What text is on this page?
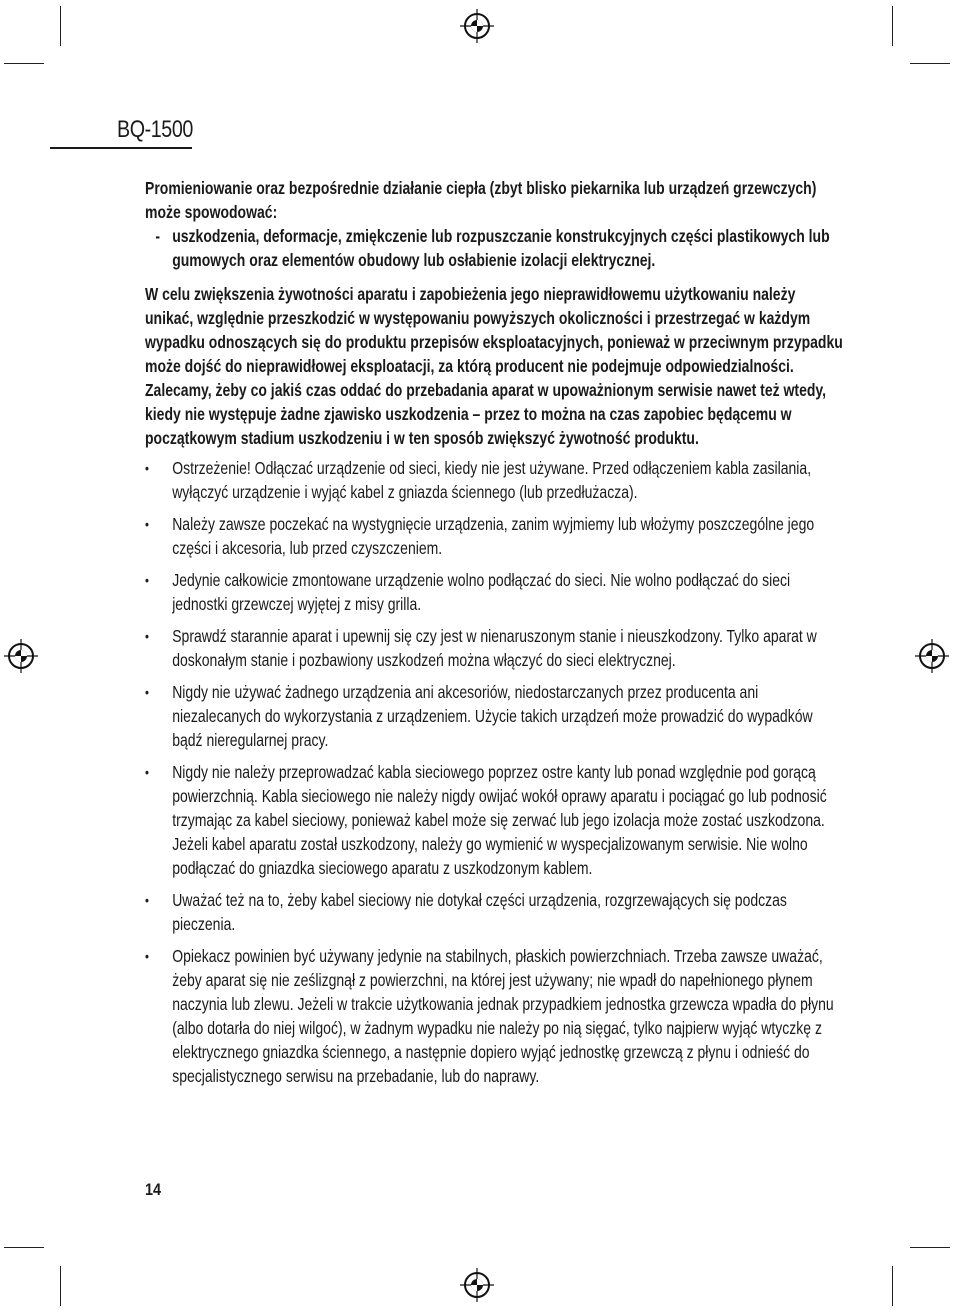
BQ-1500

Promieniowanie oraz bezpośrednie działanie ciepła (zbyt blisko piekarnika lub urządzeń grzewczych) może spowodować:

- uszkodzenia, deformacje, zmiękczenie lub rozpuszczanie konstrukcyjnych części plastikowych lub gumowych oraz elementów obudowy lub osłabienie izolacji elektrycznej.

W celu zwiększenia żywotności aparatu i zapobieżenia jego nieprawidłowemu użytkowaniu należy unikać, względnie przeszkodzić w występowaniu powyższych okoliczności i przestrzegać w każdym wypadku odnoszących się do produktu przepisów eksploatacyjnych, ponieważ w przeciwnym przypadku może dojść do nieprawidłowej eksploatacji, za którą producent nie podejmuje odpowiedzialności. Zalecamy, żeby co jakiś czas oddać do przebadania aparat w upoważnionym serwisie nawet też wtedy, kiedy nie występuje żadne zjawisko uszkodzenia – przez to można na czas zapobiec będącemu w początkowym stadium uszkodzeniu i w ten sposób zwiększyć żywotność produktu.

• Ostrzeżenie! Odłączać urządzenie od sieci, kiedy nie jest używane. Przed odłączeniem kabla zasilania, wyłączyć urządzenie i wyjąć kabel z gniazda ściennego (lub przedłużacza).
• Należy zawsze poczekać na wystygnięcie urządzenia, zanim wyjmiemy lub włożymy poszczególne jego części i akcesoria, lub przed czyszczeniem.
• Jedynie całkowicie zmontowane urządzenie wolno podłączać do sieci. Nie wolno podłączać do sieci jednostki grzewczej wyjętej z misy grilla.
• Sprawdź starannie aparat i upewnij się czy jest w nienaruszonym stanie i nieuszkodzony. Tylko aparat w doskonałym stanie i pozbawiony uszkodzeń można włączyć do sieci elektrycznej.
• Nigdy nie używać żadnego urządzenia ani akcesoriów, niedostarczanych przez producenta ani niezalecanych do wykorzystania z urządzeniem. Użycie takich urządzeń może prowadzić do wypadków bądź nieregularnej pracy.
• Nigdy nie należy przeprowadzać kabla sieciowego poprzez ostre kanty lub ponad względnie pod gorącą powierzchnią. Kabla sieciowego nie należy nigdy owijać wokół oprawy aparatu i pociągać go lub podnosić trzymając za kabel sieciowy, ponieważ kabel może się zerwać lub jego izolacja może zostać uszkodzona. Jeżeli kabel aparatu został uszkodzony, należy go wymienić w wyspecjalizowanym serwisie. Nie wolno podłączać do gniazdka sieciowego aparatu z uszkodzonym kablem.
• Uważać też na to, żeby kabel sieciowy nie dotykał części urządzenia, rozgrzewających się podczas pieczenia.
• Opiekacz powinien być używany jedynie na stabilnych, płaskich powierzchniach. Trzeba zawsze uważać, żeby aparat się nie ześlizgnął z powierzchni, na której jest używany; nie wpadł do napełnionego płynem naczynia lub zlewu. Jeżeli w trakcie użytkowania jednak przypadkiem jednostka grzewcza wpadła do płynu (albo dotarła do niej wilgoć), w żadnym wypadku nie należy po nią sięgać, tylko najpierw wyjąć wtyczkę z elektrycznego gniazdka ściennego, a następnie dopiero wyjąć jednostkę grzewczą z płynu i odnieść do specjalistycznego serwisu na przebadanie, lub do naprawy.
14
